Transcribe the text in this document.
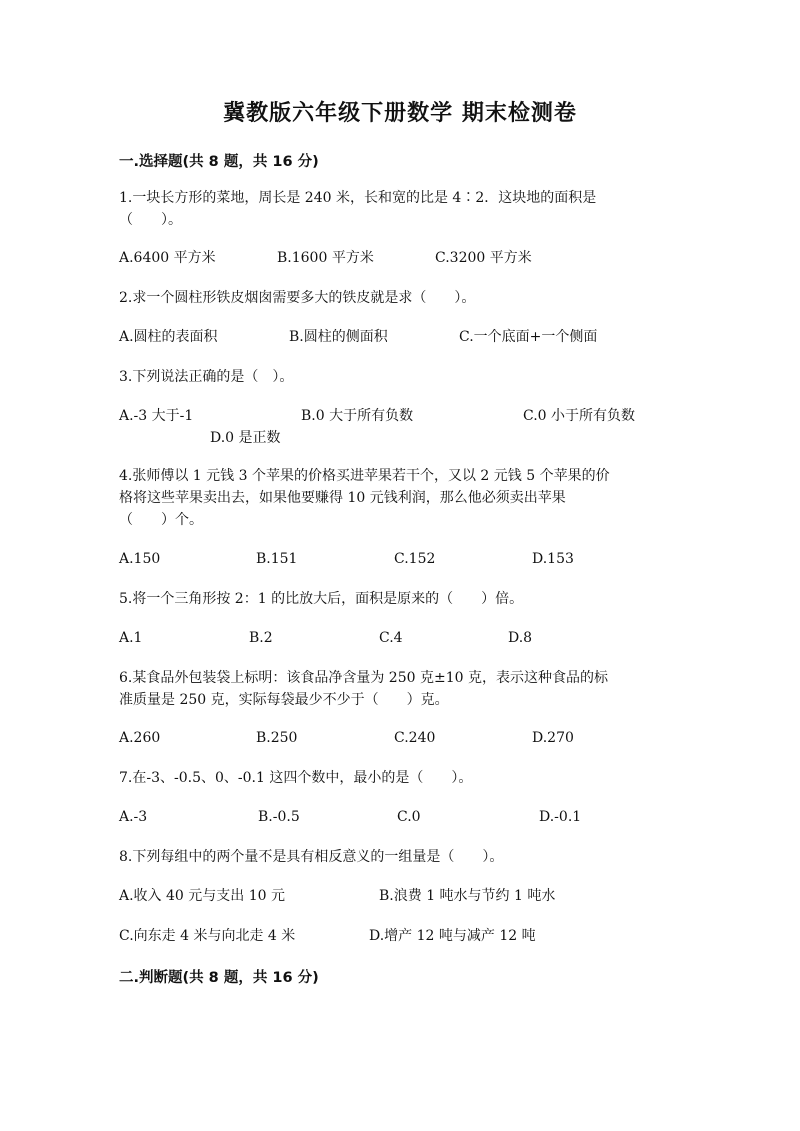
冀教版六年级下册数学 期末检测卷
一.选择题(共 8 题，共 16 分)
1.一块长方形的菜地，周长是 240 米，长和宽的比是 4∶2．这块地的面积是
（　　）。
A.6400 平方米	B.1600 平方米	C.3200 平方米
2.求一个圆柱形铁皮烟囱需要多大的铁皮就是求（　　）。
A.圆柱的表面积	B.圆柱的侧面积	C.一个底面+一个侧面
3.下列说法正确的是（　）。
A.-3 大于-1	B.0 大于所有负数	C.0 小于所有负数
D.0 是正数
4.张师傅以 1 元钱 3 个苹果的价格买进苹果若干个，又以 2 元钱 5 个苹果的价
格将这些苹果卖出去，如果他要赚得 10 元钱利润，那么他必须卖出苹果
（　　）个。
A.150	B.151	C.152	D.153
5.将一个三角形按 2：1 的比放大后，面积是原来的（　　）倍。
A.1	B.2	C.4	D.8
6.某食品外包装袋上标明：该食品净含量为 250 克±10 克，表示这种食品的标
准质量是 250 克，实际每袋最少不少于（　　）克。
A.260	B.250	C.240	D.270
7.在-3、-0.5、0、-0.1 这四个数中，最小的是（　　）。
A.-3	B.-0.5	C.0	D.-0.1
8.下列每组中的两个量不是具有相反意义的一组量是（　　）。
A.收入 40 元与支出 10 元	B.浪费 1 吨水与节约 1 吨水
C.向东走 4 米与向北走 4 米	D.增产 12 吨与减产 12 吨
二.判断题(共 8 题，共 16 分)
